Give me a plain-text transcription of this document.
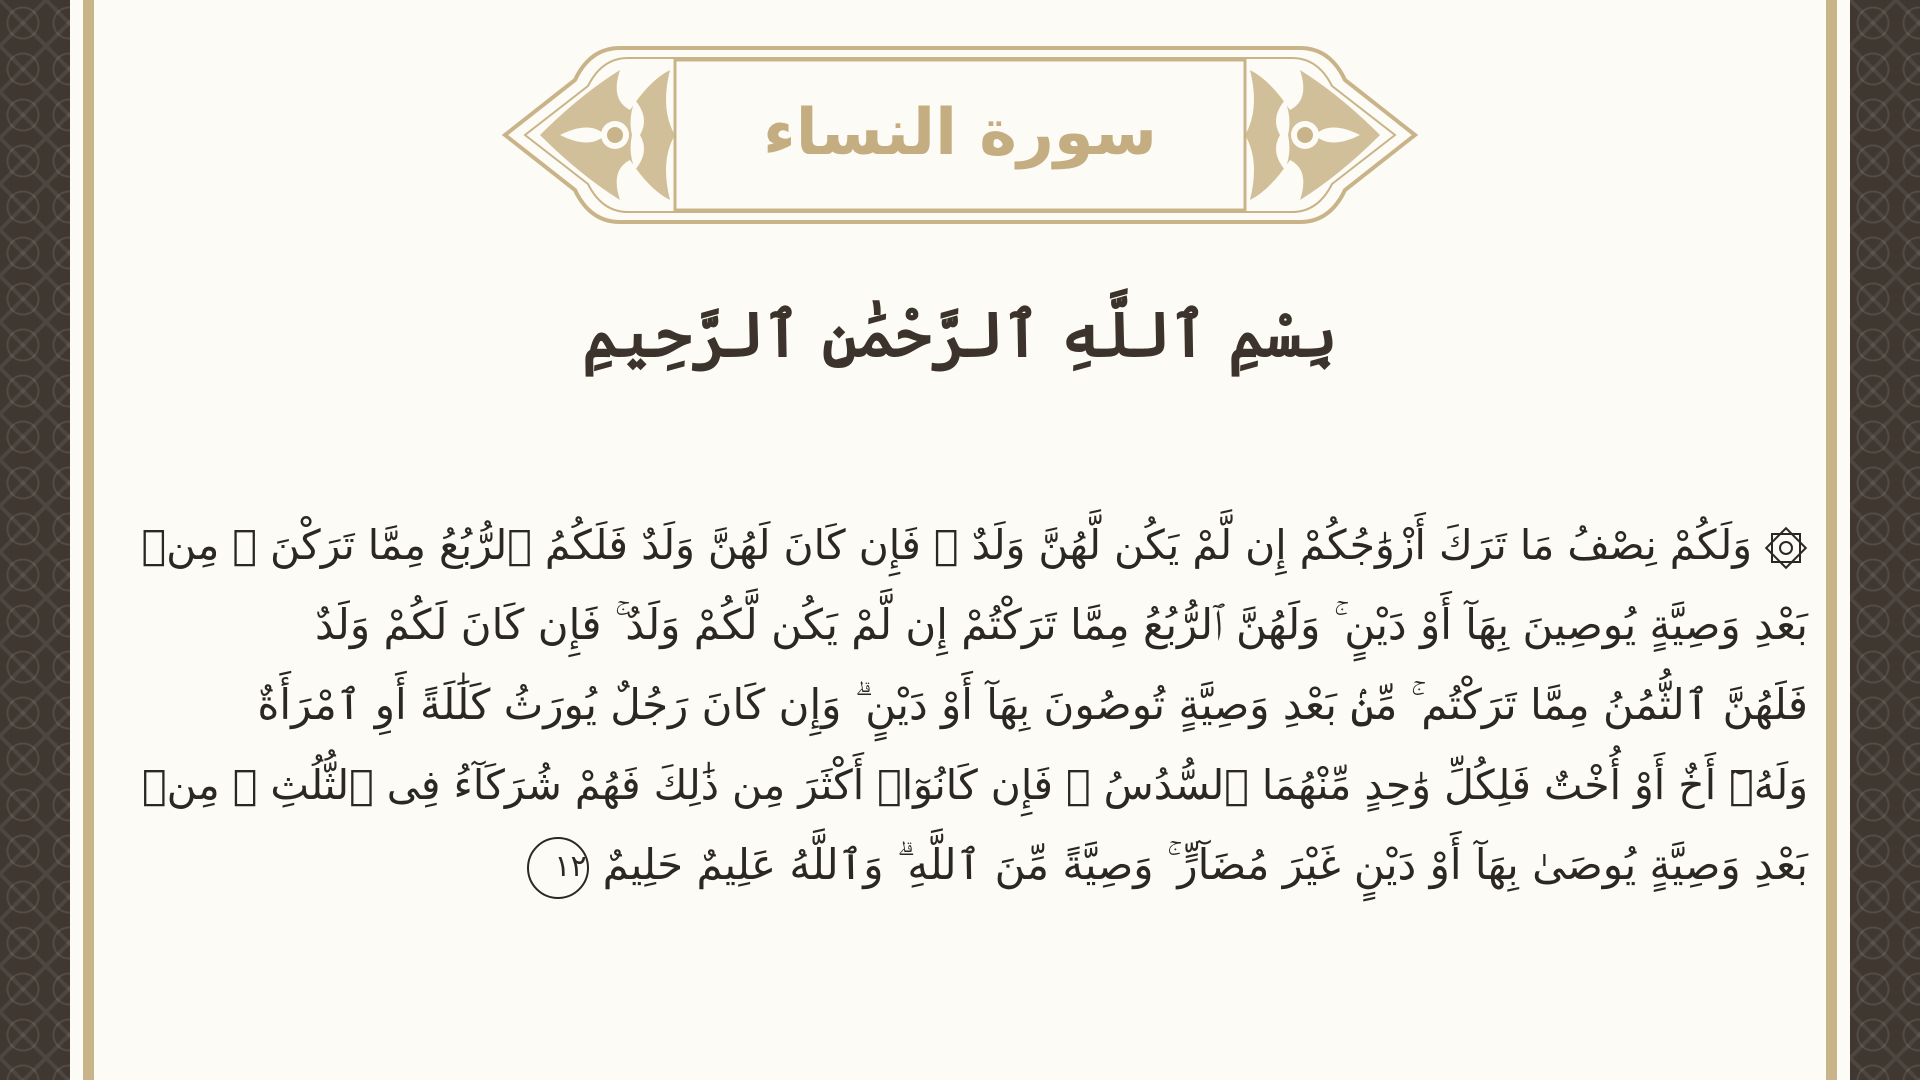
سورة النساء
بِسْمِ ٱللَّهِ ٱلرَّحْمَٰنِ ٱلرَّحِيمِ
وَلَكُمْ نِصْفُ مَا تَرَكَ أَزْوَٰجُكُمْ إِن لَّمْ يَكُن لَّهُنَّ وَلَدٌ ۚ فَإِن كَانَ لَهُنَّ وَلَدٌ فَلَكُمُ ٱلرُّبُعُ مِمَّا تَرَكْنَ ۚ مِنۢ
بَعْدِ وَصِيَّةٍ يُوصِينَ بِهَآ أَوْ دَيْنٍ ۚ وَلَهُنَّ ٱلرُّبُعُ مِمَّا تَرَكْتُمْ إِن لَّمْ يَكُن لَّكُمْ وَلَدٌ ۚ فَإِن كَانَ لَكُمْ وَلَدٌ
فَلَهُنَّ ٱلثُّمُنُ مِمَّا تَرَكْتُم ۚ مِّنۢ بَعْدِ وَصِيَّةٍ تُوصُونَ بِهَآ أَوْ دَيْنٍ ۗ وَإِن كَانَ رَجُلٌ يُورَثُ كَلَٰلَةً أَوِ ٱمْرَأَةٌ
وَلَهُۥٓ أَخٌ أَوْ أُخْتٌ فَلِكُلِّ وَٰحِدٍ مِّنْهُمَا ٱلسُّدُسُ ۚ فَإِن كَانُوٓا۟ أَكْثَرَ مِن ذَٰلِكَ فَهُمْ شُرَكَآءُ فِى ٱلثُّلُثِ ۚ مِنۢ
بَعْدِ وَصِيَّةٍ يُوصَىٰ بِهَآ أَوْ دَيْنٍ غَيْرَ مُضَآرٍّ ۚ وَصِيَّةً مِّنَ ٱللَّهِ ۗ وَٱللَّهُ عَلِيمٌ حَلِيمٌ١٢
